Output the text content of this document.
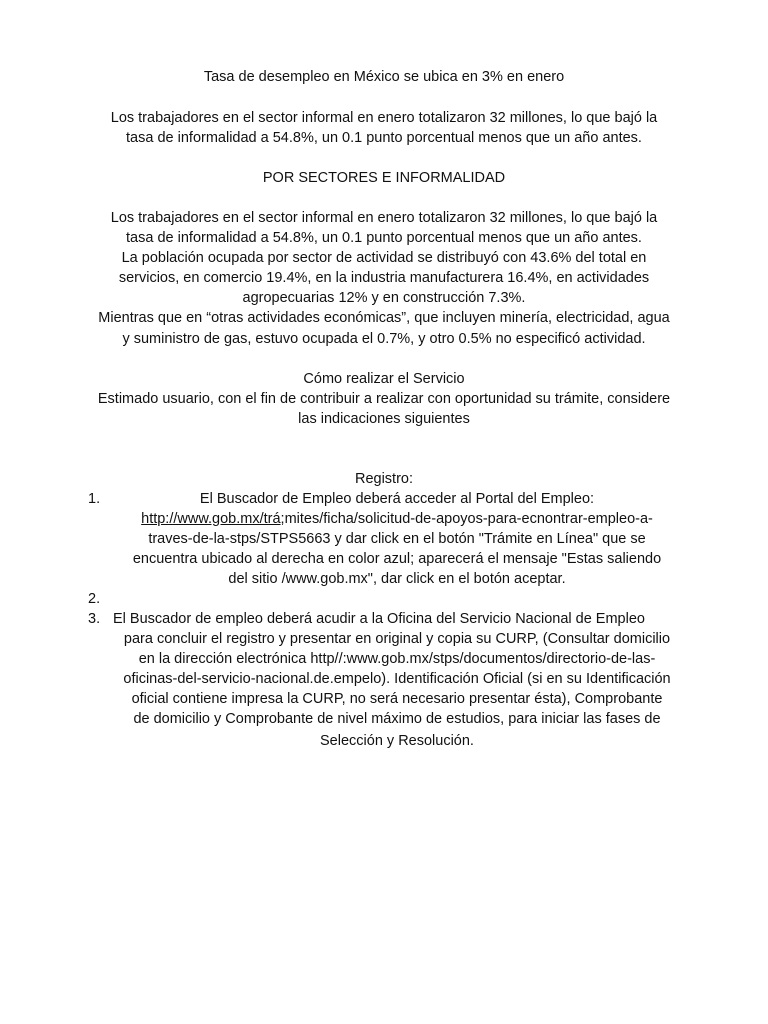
Tasa de desempleo en México se ubica en 3% en enero
Los trabajadores en el sector informal en enero totalizaron 32 millones, lo que bajó la
tasa de informalidad a 54.8%, un 0.1 punto porcentual menos que un año antes.
POR SECTORES E INFORMALIDAD
Los trabajadores en el sector informal en enero totalizaron 32 millones, lo que bajó la
tasa de informalidad a 54.8%, un 0.1 punto porcentual menos que un año antes.
La población ocupada por sector de actividad se distribuyó con 43.6% del total en
servicios, en comercio 19.4%, en la industria manufacturera 16.4%, en actividades
agropecuarias 12% y en construcción 7.3%.
Mientras que en “otras actividades económicas”, que incluyen minería, electricidad, agua
y suministro de gas, estuvo ocupada el 0.7%, y otro 0.5% no especificó actividad.
Cómo realizar el Servicio
Estimado usuario, con el fin de contribuir a realizar con oportunidad su trámite, considere
las indicaciones siguientes
Registro:
1.	El Buscador de Empleo deberá acceder al Portal del Empleo:
http://www.gob.mx/trá;mites/ficha/solicitud-de-apoyos-para-ecnontrar-empleo-a-
traves-de-la-stps/STPS5663 y dar click en el botón "Trámite en Línea" que se
encuentra ubicado al derecha en color azul; aparecerá el mensaje "Estas saliendo
del sitio /www.gob.mx", dar click en el botón aceptar.
2.
3. El Buscador de empleo deberá acudir a la Oficina del Servicio Nacional de Empleo
para concluir el registro y presentar en original y copia su CURP, (Consultar domicilio
en la dirección electrónica http//:www.gob.mx/stps/documentos/directorio-de-las-
oficinas-del-servicio-nacional.de.empelo). Identificación Oficial (si en su Identificación
oficial contiene impresa la CURP, no será necesario presentar ésta), Comprobante
de domicilio y Comprobante de nivel máximo de estudios, para iniciar las fases de
Selección y Resolución.
